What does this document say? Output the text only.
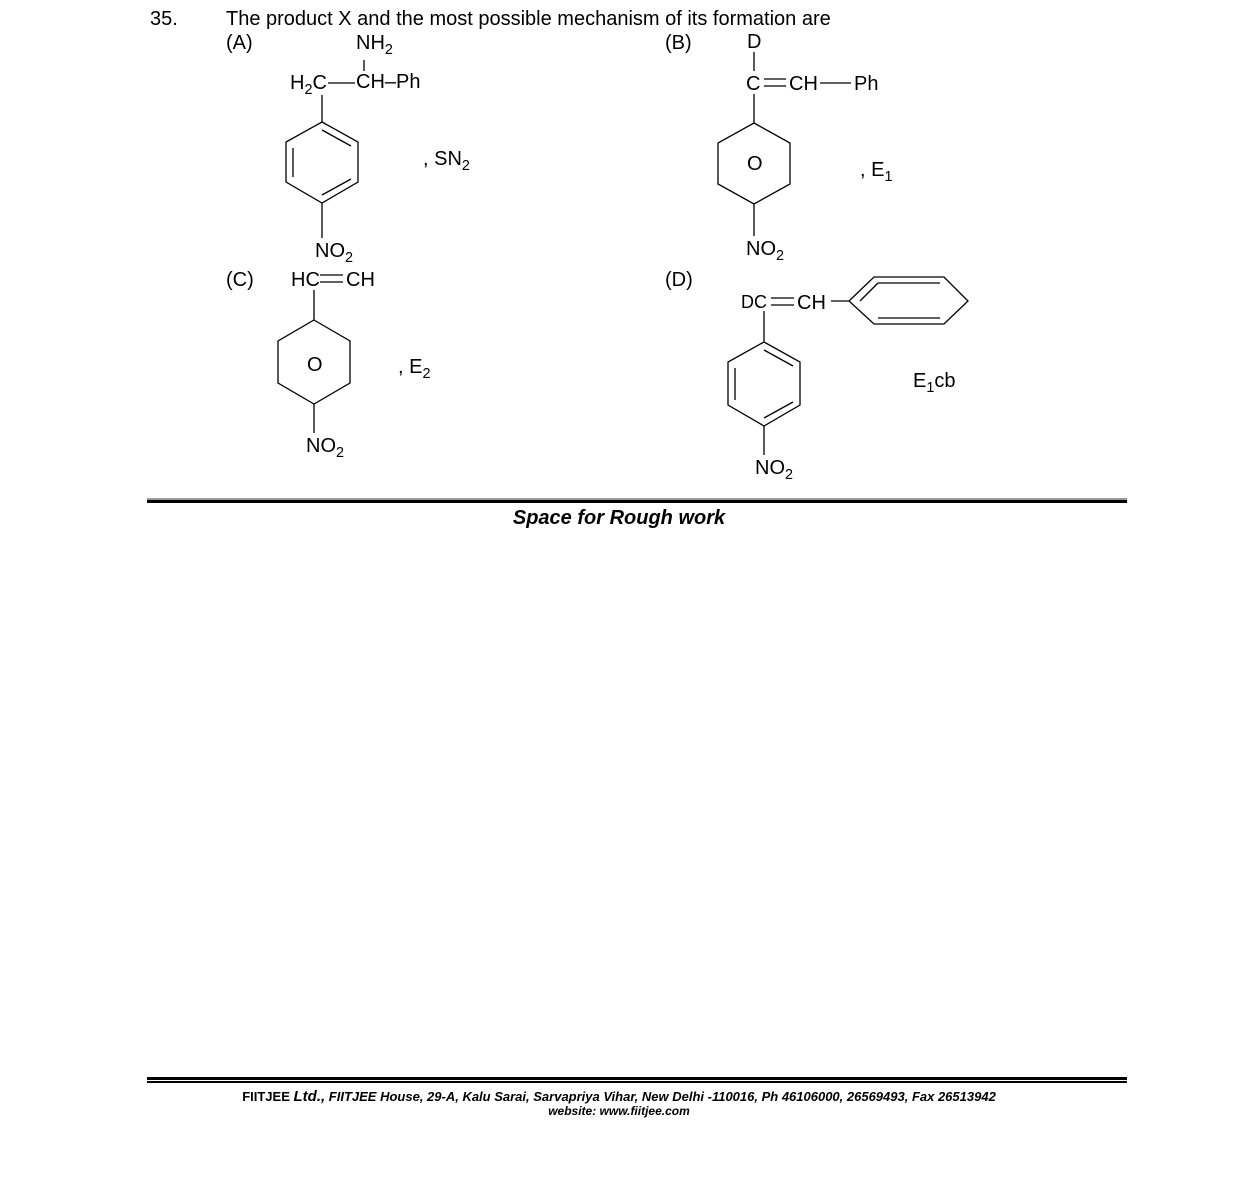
35. The product X and the most possible mechanism of its formation are
(A)	$NH_2$
$H_2C$ CH–Ph
$NO_2$
, $SN_2$
(B)	D
C CH Ph
O
$NO_2$
, $E_1$
(C) HC CH
O
$NO_2$
, $E_2$
(D)
DC CH
$NO_2$
$E_1cb$
Space for Rough work
FIITJEE Ltd., FIITJEE House, 29-A, Kalu Sarai, Sarvapriya Vihar, New Delhi -110016, Ph 46106000, 26569493, Fax 26513942
website: www.fiitjee.com
